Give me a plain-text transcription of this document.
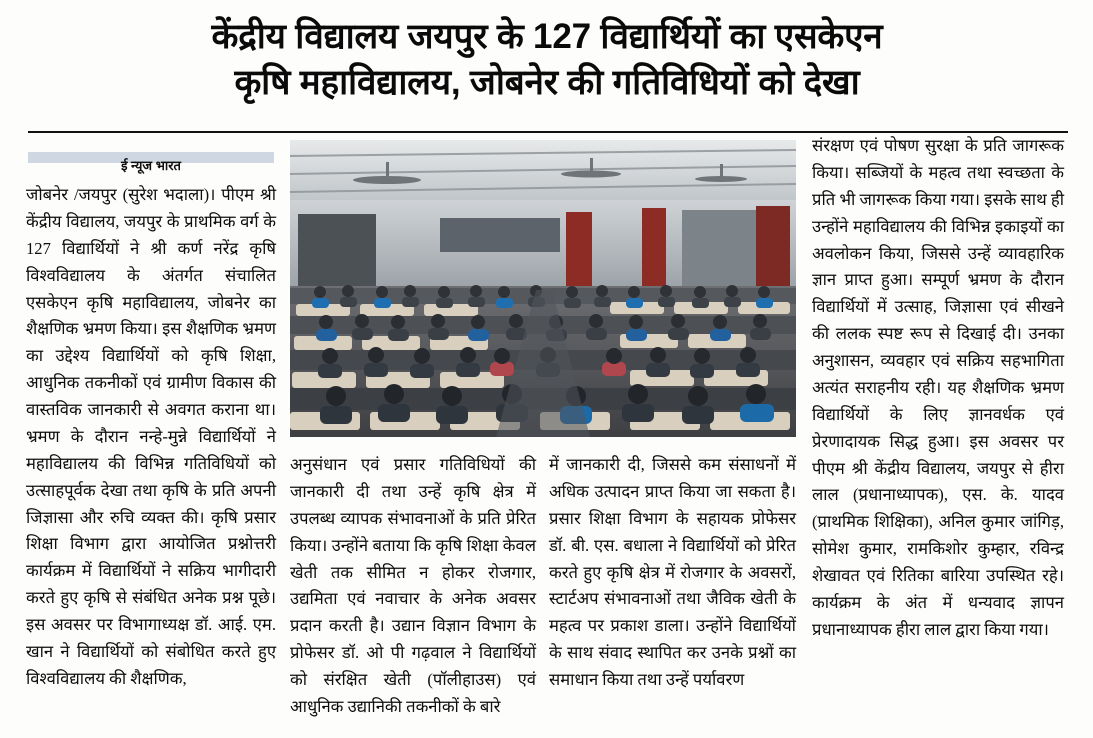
केंद्रीय विद्यालय जयपुर के 127 विद्यार्थियों का एसकेएन
कृषि महाविद्यालय, जोबनेर की गतिविधियों को देखा
ई न्यूज भारत

जोबनेर /जयपुर (सुरेश भदाला)। पीएम श्री केंद्रीय विद्यालय, जयपुर के प्राथमिक वर्ग के 127 विद्यार्थियों ने श्री कर्ण नरेंद्र कृषि विश्वविद्यालय के अंतर्गत संचालित एसकेएन कृषि महाविद्यालय, जोबनेर का शैक्षणिक भ्रमण किया। इस शैक्षणिक भ्रमण का उद्देश्य विद्यार्थियों को कृषि शिक्षा, आधुनिक तकनीकों एवं ग्रामीण विकास की वास्तविक जानकारी से अवगत कराना था। भ्रमण के दौरान नन्हे-मुन्ने विद्यार्थियों ने महाविद्यालय की विभिन्न गतिविधियों को उत्साहपूर्वक देखा तथा कृषि के प्रति अपनी जिज्ञासा और रुचि व्यक्त की। कृषि प्रसार शिक्षा विभाग द्वारा आयोजित प्रश्नोत्तरी कार्यक्रम में विद्यार्थियों ने सक्रिय भागीदारी करते हुए कृषि से संबंधित अनेक प्रश्न पूछे। इस अवसर पर विभागाध्यक्ष डॉ. आई. एम. खान ने विद्यार्थियों को संबोधित करते हुए विश्वविद्यालय की शैक्षणिक,

अनुसंधान एवं प्रसार गतिविधियों की जानकारी दी तथा उन्हें कृषि क्षेत्र में उपलब्ध व्यापक संभावनाओं के प्रति प्रेरित किया। उन्होंने बताया कि कृषि शिक्षा केवल खेती तक सीमित न होकर रोजगार, उद्यमिता एवं नवाचार के अनेक अवसर प्रदान करती है। उद्यान विज्ञान विभाग के प्रोफेसर डॉ. ओ पी गढ़वाल ने विद्यार्थियों को संरक्षित खेती (पॉलीहाउस) एवं आधुनिक उद्यानिकी तकनीकों के बारे

में जानकारी दी, जिससे कम संसाधनों में अधिक उत्पादन प्राप्त किया जा सकता है। प्रसार शिक्षा विभाग के सहायक प्रोफेसर डॉ. बी. एस. बधाला ने विद्यार्थियों को प्रेरित करते हुए कृषि क्षेत्र में रोजगार के अवसरों, स्टार्टअप संभावनाओं तथा जैविक खेती के महत्व पर प्रकाश डाला। उन्होंने विद्यार्थियों के साथ संवाद स्थापित कर उनके प्रश्नों का समाधान किया तथा उन्हें पर्यावरण

संरक्षण एवं पोषण सुरक्षा के प्रति जागरूक किया। सब्जियों के महत्व तथा स्वच्छता के प्रति भी जागरूक किया गया। इसके साथ ही उन्होंने महाविद्यालय की विभिन्न इकाइयों का अवलोकन किया, जिससे उन्हें व्यावहारिक ज्ञान प्राप्त हुआ। सम्पूर्ण भ्रमण के दौरान विद्यार्थियों में उत्साह, जिज्ञासा एवं सीखने की ललक स्पष्ट रूप से दिखाई दी। उनका अनुशासन, व्यवहार एवं सक्रिय सहभागिता अत्यंत सराहनीय रही। यह शैक्षणिक भ्रमण विद्यार्थियों के लिए ज्ञानवर्धक एवं प्रेरणादायक सिद्ध हुआ। इस अवसर पर पीएम श्री केंद्रीय विद्यालय, जयपुर से हीरा लाल (प्रधानाध्यापक), एस. के. यादव (प्राथमिक शिक्षिका), अनिल कुमार जांगिड़, सोमेश कुमार, रामकिशोर कुम्हार, रविन्द्र शेखावत एवं रितिका बारिया उपस्थित रहे। कार्यक्रम के अंत में धन्यवाद ज्ञापन प्रधानाध्यापक हीरा लाल द्वारा किया गया।
